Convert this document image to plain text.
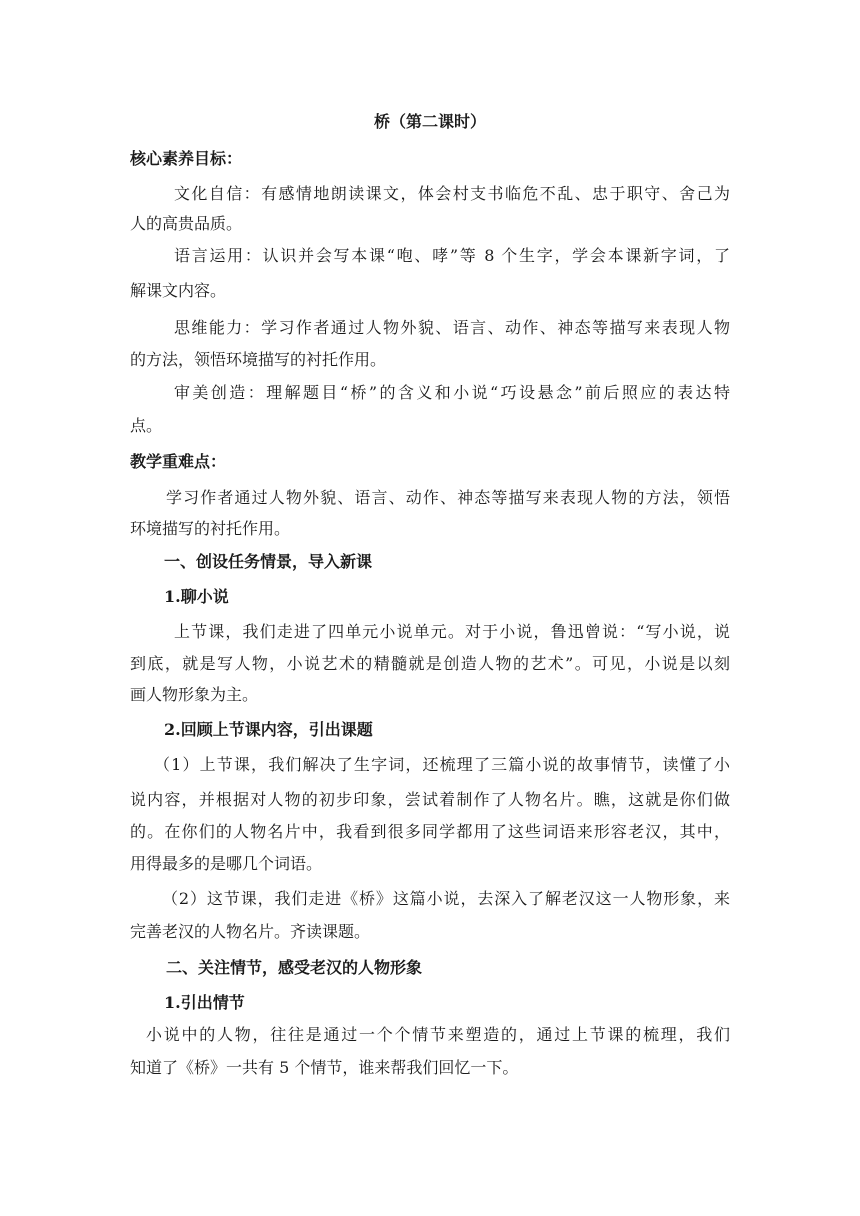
桥（第二课时）
核心素养目标：
文化自信：有感情地朗读课文，体会村支书临危不乱、忠于职守、舍己为
人的高贵品质。
语言运用：认识并会写本课“咆、哮”等 8 个生字，学会本课新字词，了
解课文内容。
思维能力：学习作者通过人物外貌、语言、动作、神态等描写来表现人物
的方法，领悟环境描写的衬托作用。
审美创造：理解题目“桥”的含义和小说“巧设悬念”前后照应的表达特
点。
教学重难点：
学习作者通过人物外貌、语言、动作、神态等描写来表现人物的方法，领悟
环境描写的衬托作用。
一、创设任务情景，导入新课
1.聊小说
上节课，我们走进了四单元小说单元。对于小说，鲁迅曾说：“写小说，说
到底，就是写人物，小说艺术的精髓就是创造人物的艺术”。可见，小说是以刻
画人物形象为主。
2.回顾上节课内容，引出课题
（1）上节课，我们解决了生字词，还梳理了三篇小说的故事情节，读懂了小
说内容，并根据对人物的初步印象，尝试着制作了人物名片。瞧，这就是你们做
的。在你们的人物名片中，我看到很多同学都用了这些词语来形容老汉，其中，
用得最多的是哪几个词语。
（2）这节课，我们走进《桥》这篇小说，去深入了解老汉这一人物形象，来
完善老汉的人物名片。齐读课题。
二、关注情节，感受老汉的人物形象
1.引出情节
小说中的人物，往往是通过一个个情节来塑造的，通过上节课的梳理，我们
知道了《桥》一共有 5 个情节，谁来帮我们回忆一下。
